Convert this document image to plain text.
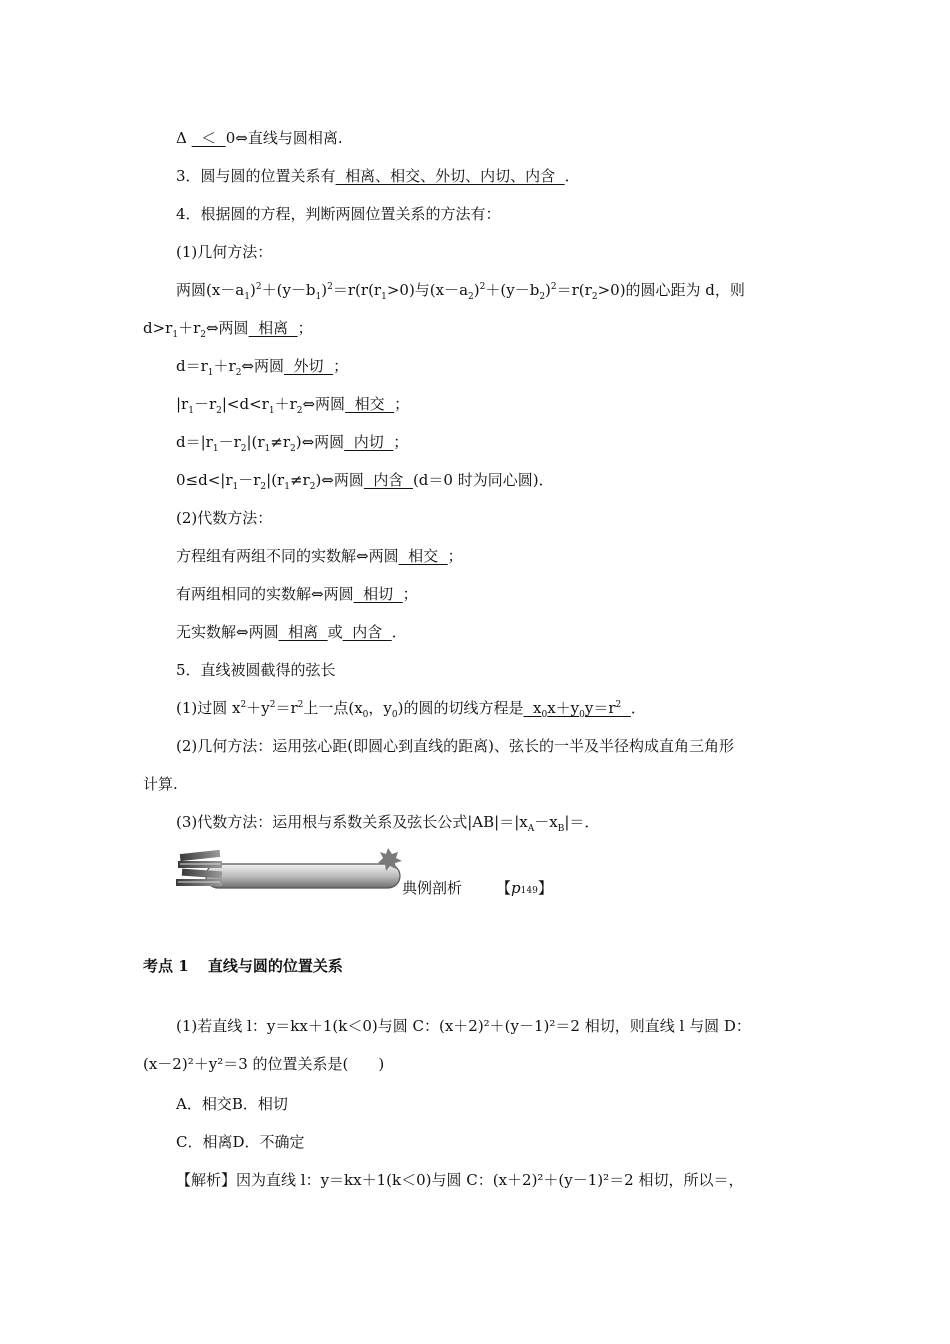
Δ   ＜  0⇔直线与圆相离.
3．圆与圆的位置关系有  相离、相交、外切、内切、内含  ．
4．根据圆的方程，判断两圆位置关系的方法有：
(1)几何方法：
两圆$(x-a_1)^2+(y-b_1)^2=r(r(r_1>0)$与$(x-a_2)^2+(y-b_2)^2=r(r_2>0)$的圆心距为 d，则
$d>r_1+r_2\Leftrightarrow$两圆  相离  ；
$d=r_1+r_2\Leftrightarrow$两圆  外切  ；
$|r_1-r_2|<d<r_1+r_2\Leftrightarrow$两圆  相交  ；
$d=|r_1-r_2|(r_1\ne r_2)\Leftrightarrow$两圆  内切  ；
$0\le d<|r_1-r_2|(r_1\ne r_2)\Leftrightarrow$两圆  内含  (d＝0 时为同心圆)．
(2)代数方法：
方程组有两组不同的实数解⇔两圆  相交  ；
有两组相同的实数解⇔两圆  相切  ；
无实数解⇔两圆  相离  或  内含  ．
5．直线被圆截得的弦长
(1)过圆 $x^2+y^2=r^2$上一点($x_0$，$y_0$)的圆的切线方程是  $x_0x+y_0y=r^2$ ．
(2)几何方法：运用弦心距(即圆心到直线的距离)、弦长的一半及半径构成直角三角形
计算.
(3)代数方法：运用根与系数关系及弦长公式$|AB|=|x_A-x_B|=$．
典例剖析 【p149】
考点 1 直线与圆的位置关系
(1)若直线 l：y＝kx＋1(k＜0)与圆 C：(x＋2)²＋(y－1)²＝2 相切，则直线 l 与圆 D：
(x－2)²＋y²＝3 的位置关系是(　　)
A．相交B．相切
C．相离D．不确定
【解析】因为直线 l：y＝kx＋1(k＜0)与圆 C：(x＋2)²＋(y－1)²＝2 相切，所以＝，
